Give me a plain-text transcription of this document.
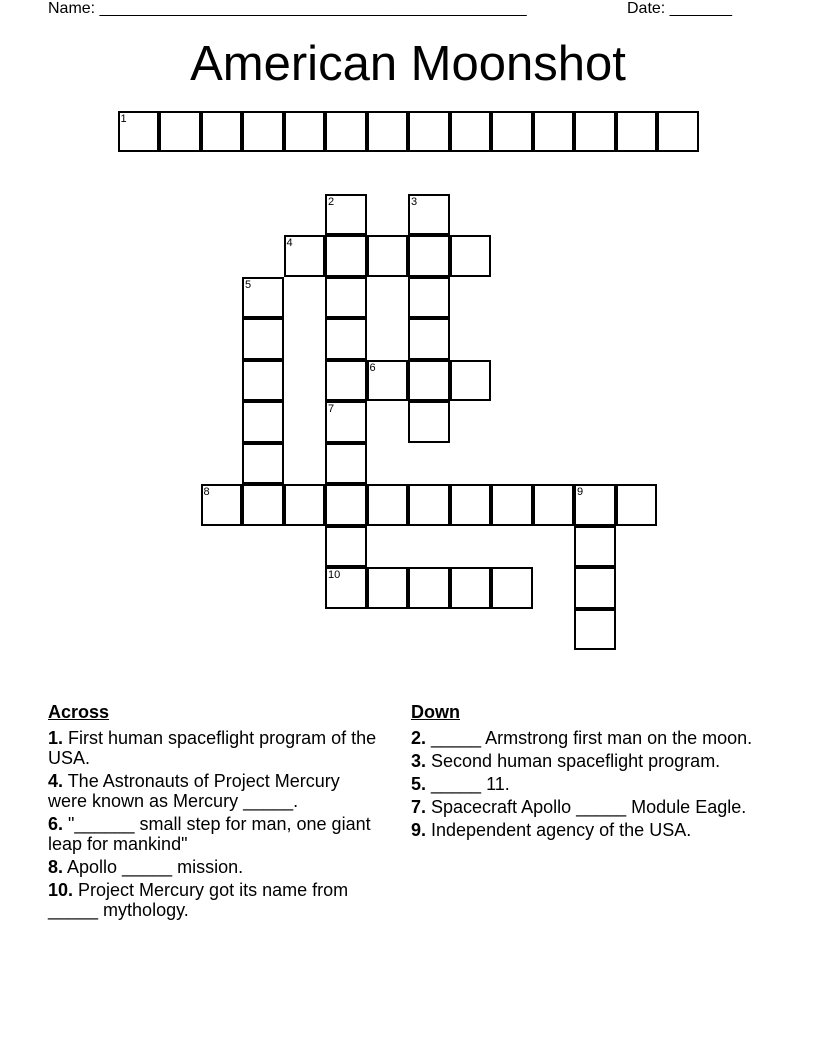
Name: ________________________________________________	Date: _______
American Moonshot
1
2
7
3
4
5
6
10
8	9
Across
1. First human spaceflight program of the USA.
4. The Astronauts of Project Mercury were known as Mercury _____.
6. "______ small step for man, one giant leap for mankind"
8. Apollo _____ mission.
10. Project Mercury got its name from _____ mythology.
Down
2. _____ Armstrong first man on the moon.
3. Second human spaceflight program.
5. _____ 11.
7. Spacecraft Apollo _____ Module Eagle.
9. Independent agency of the USA.
